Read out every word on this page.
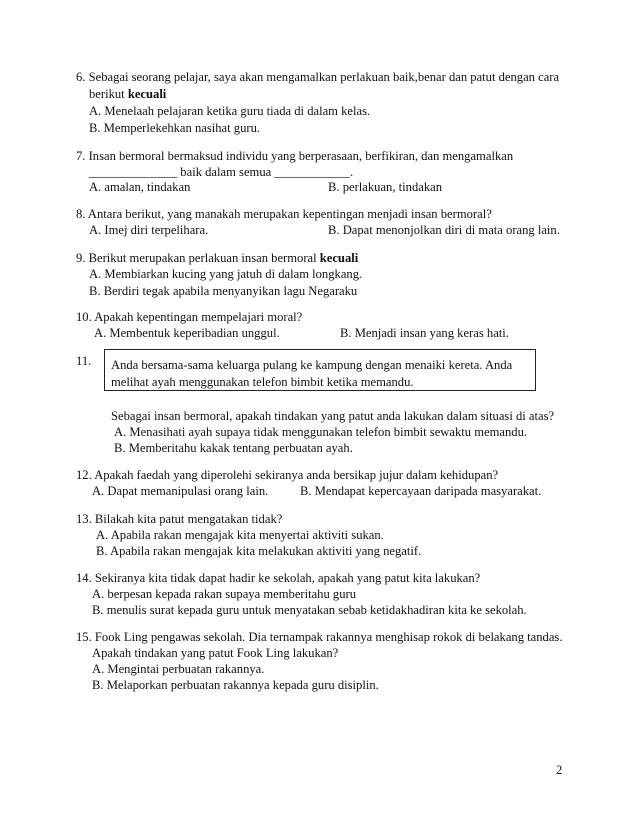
6. Sebagai seorang pelajar, saya akan mengamalkan perlakuan baik,benar dan patut dengan cara
berikut kecuali
A. Menelaah pelajaran ketika guru tiada di dalam kelas.
B. Memperlekehkan nasihat guru.
7. Insan bermoral bermaksud individu yang berperasaan, berfikiran, dan mengamalkan
______________ baik dalam semua ____________.
A. amalan, tindakan	B. perlakuan, tindakan
8. Antara berikut, yang manakah merupakan kepentingan menjadi insan bermoral?
A. Imej diri terpelihara.	B. Dapat menonjolkan diri di mata orang lain.
9. Berikut merupakan perlakuan insan bermoral kecuali
A. Membiarkan kucing yang jatuh di dalam longkang.
B. Berdiri tegak apabila menyanyikan lagu Negaraku
10. Apakah kepentingan mempelajari moral?
A. Membentuk keperibadian unggul.	B. Menjadi insan yang keras hati.
11. Anda bersama-sama keluarga pulang ke kampung dengan menaiki kereta. Anda
melihat ayah menggunakan telefon bimbit ketika memandu.
Sebagai insan bermoral, apakah tindakan yang patut anda lakukan dalam situasi di atas?
A. Menasihati ayah supaya tidak menggunakan telefon bimbit sewaktu memandu.
B. Memberitahu kakak tentang perbuatan ayah.
12. Apakah faedah yang diperolehi sekiranya anda bersikap jujur dalam kehidupan?
A. Dapat memanipulasi orang lain.	B. Mendapat kepercayaan daripada masyarakat.
13. Bilakah kita patut mengatakan tidak?
A. Apabila rakan mengajak kita menyertai aktiviti sukan.
B. Apabila rakan mengajak kita melakukan aktiviti yang negatif.
14. Sekiranya kita tidak dapat hadir ke sekolah, apakah yang patut kita lakukan?
A. berpesan kepada rakan supaya memberitahu guru
B. menulis surat kepada guru untuk menyatakan sebab ketidakhadiran kita ke sekolah.
15. Fook Ling pengawas sekolah. Dia ternampak rakannya menghisap rokok di belakang tandas.
Apakah tindakan yang patut Fook Ling lakukan?
A. Mengintai perbuatan rakannya.
B. Melaporkan perbuatan rakannya kepada guru disiplin.
2
